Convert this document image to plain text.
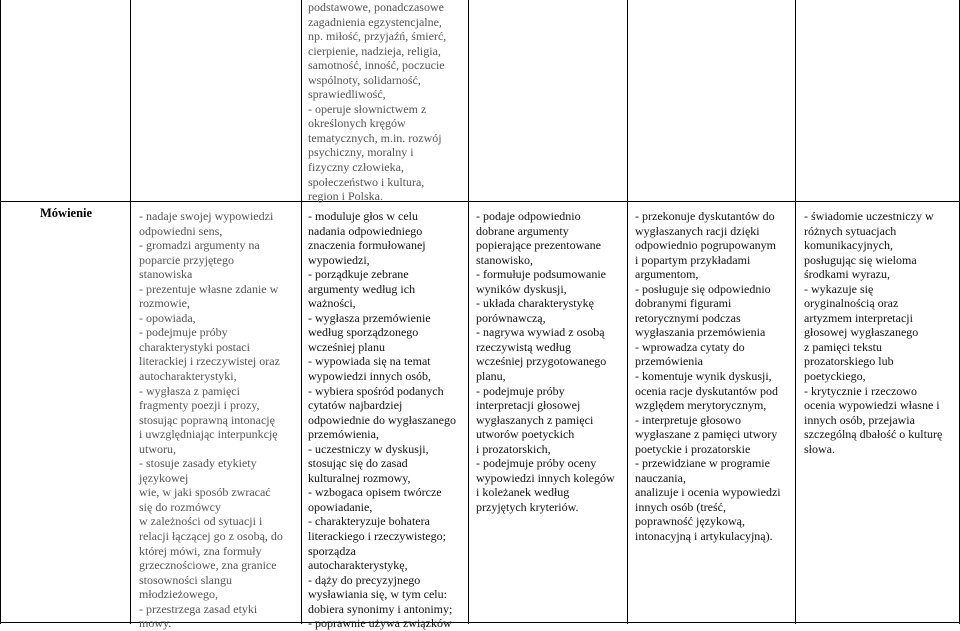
Mówienie

podstawowe, ponadczasowe
zagadnienia egzystencjalne,
np. miłość, przyjaźń, śmierć,
cierpienie, nadzieja, religia,
samotność, inność, poczucie
wspólnoty, solidarność,
sprawiedliwość,
- operuje słownictwem z
określonych kręgów
tematycznych, m.in. rozwój
psychiczny, moralny i
fizyczny człowieka,
społeczeństwo i kultura,
region i Polska.

- nadaje swojej wypowiedzi
odpowiedni sens,
- gromadzi argumenty na
poparcie przyjętego
stanowiska
- prezentuje własne zdanie w
rozmowie,
- opowiada,
- podejmuje próby
charakterystyki postaci
literackiej i rzeczywistej oraz
autocharakterystyki,
- wygłasza z pamięci
fragmenty poezji i prozy,
stosując poprawną intonację
i uwzględniając interpunkcję
utworu,
- stosuje zasady etykiety
językowej
wie, w jaki sposób zwracać
się do rozmówcy
w zależności od sytuacji i
relacji łączącej go z osobą, do
której mówi, zna formuły
grzecznościowe, zna granice
stosowności slangu
młodzieżowego,
- przestrzega zasad etyki
mowy.

- moduluje głos w celu
nadania odpowiedniego
znaczenia formułowanej
wypowiedzi,
- porządkuje zebrane
argumenty według ich
ważności,
- wygłasza przemówienie
według sporządzonego
wcześniej planu
- wypowiada się na temat
wypowiedzi innych osób,
- wybiera spośród podanych
cytatów najbardziej
odpowiednie do wygłaszanego
przemówienia,
- uczestniczy w dyskusji,
stosując się do zasad
kulturalnej rozmowy,
- wzbogaca opisem twórcze
opowiadanie,
- charakteryzuje bohatera
literackiego i rzeczywistego;
sporządza
autocharakterystykę,
- dąży do precyzyjnego
wysławiania się, w tym celu:
dobiera synonimy i antonimy;
- poprawnie używa związków

- podaje odpowiednio
dobrane argumenty
popierające prezentowane
stanowisko,
- formułuje podsumowanie
wyników dyskusji,
- układa charakterystykę
porównawczą,
- nagrywa wywiad z osobą
rzeczywistą według
wcześniej przygotowanego
planu,
- podejmuje próby
interpretacji głosowej
wygłaszanych z pamięci
utworów poetyckich
i prozatorskich,
- podejmuje próby oceny
wypowiedzi innych kolegów
i koleżanek według
przyjętych kryteriów.

- przekonuje dyskutantów do
wygłaszanych racji dzięki
odpowiednio pogrupowanym
i popartym przykładami
argumentom,
- posługuje się odpowiednio
dobranymi figurami
retorycznymi podczas
wygłaszania przemówienia
- wprowadza cytaty do
przemówienia
- komentuje wynik dyskusji,
ocenia racje dyskutantów pod
względem merytorycznym,
- interpretuje głosowo
wygłaszane z pamięci utwory
poetyckie i prozatorskie
- przewidziane w programie
nauczania,
analizuje i ocenia wypowiedzi
innych osób (treść,
poprawność językową,
intonacyjną i artykulacyjną).

- świadomie uczestniczy w
różnych sytuacjach
komunikacyjnych,
posługując się wieloma
środkami wyrazu,
- wykazuje się
oryginalnością oraz
artyzmem interpretacji
głosowej wygłaszanego
z pamięci tekstu
prozatorskiego lub
poetyckiego,
- krytycznie i rzeczowo
ocenia wypowiedzi własne i
innych osób, przejawia
szczególną dbałość o kulturę
słowa.
